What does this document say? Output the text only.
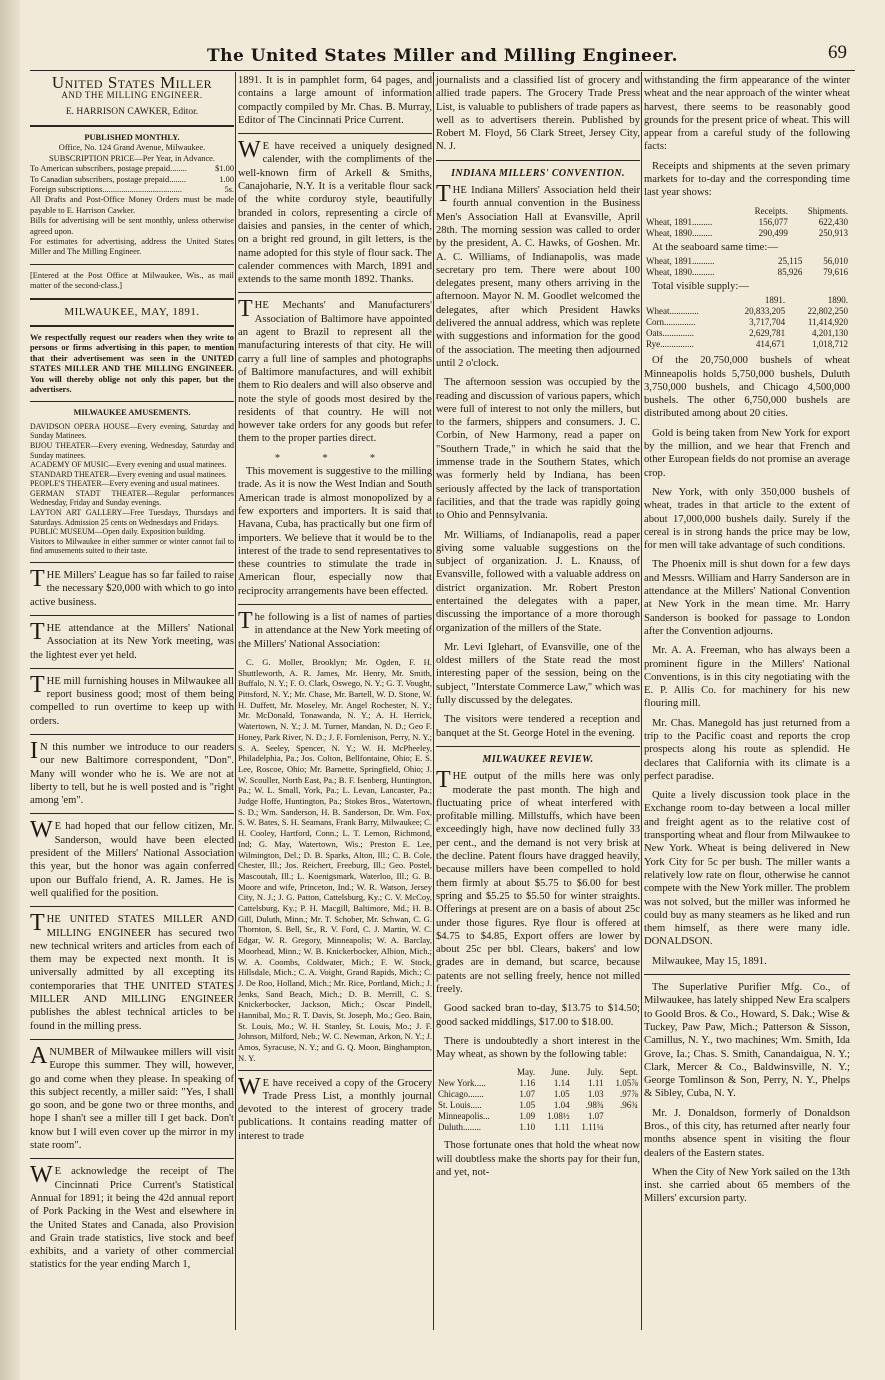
The United States Miller and Milling Engineer.	69
United States Miller
AND THE MILLING ENGINEER.
E. HARRISON CAWKER, Editor.
PUBLISHED MONTHLY.
Office, No. 124 Grand Avenue, Milwaukee.
SUBSCRIPTION PRICE—Per Year, in Advance.
To American subscribers, postage prepaid........	$1.00
To Canadian subscribers, postage prepaid........	1.00
Foreign subscriptions......................................	5s.
All Drafts and Post-Office Money Orders must be made payable to E. Harrison Cawker.
Bills for advertising will be sent monthly, unless otherwise agreed upon.
For estimates for advertising, address the United States Miller and The Milling Engineer.
[Entered at the Post Office at Milwaukee, Wis., as mail matter of the second-class.]
MILWAUKEE, MAY, 1891.
We respectfully request our readers when they write to persons or firms advertising in this paper, to mention that their advertisement was seen in the UNITED STATES MILLER AND THE MILLING ENGINEER. You will thereby oblige not only this paper, but the advertisers.
MILWAUKEE AMUSEMENTS.
DAVIDSON OPERA HOUSE—Every evening, Saturday and Sunday Matinees.
BIJOU THEATER—Every evening, Wednesday, Saturday and Sunday matinees.
ACADEMY OF MUSIC—Every evening and usual matinees.
STANDARD THEATER—Every evening and usual matinees.
PEOPLE'S THEATER—Every evening and usual matinees.
GERMAN STADT THEATER—Regular performances Wednesday, Friday and Sunday evenings.
LAYTON ART GALLERY—Free Tuesdays, Thursdays and Saturdays. Admission 25 cents on Wednesdays and Fridays.
PUBLIC MUSEUM—Open daily. Exposition building.
Visitors to Milwaukee in either summer or winter cannot fail to find amusements suited to their taste.

THE Millers' League has so far failed to raise the necessary $20,000 with which to go into active business.

THE attendance at the Millers' National Association at its New York meeting, was the lightest ever yet held.

THE mill furnishing houses in Milwaukee all report business good; most of them being compelled to run overtime to keep up with orders.

IN this number we introduce to our readers our new Baltimore correspondent, "Don". Many will wonder who he is. We are not at liberty to tell, but he is well posted and is "right among 'em".

WE had hoped that our fellow citizen, Mr. Sanderson, would have been elected president of the Millers' National Association this year, but the honor was again conferred upon our Buffalo friend, A. R. James. He is well qualified for the position.

THE UNITED STATES MILLER AND MILLING ENGINEER has secured two new technical writers and articles from each of them may be expected next month. It is universally admitted by all excepting its contemporaries that THE UNITED STATES MILLER AND MILLING ENGINEER publishes the ablest technical articles to be found in the milling press.

ANUMBER of Milwaukee millers will visit Europe this summer. They will, however, go and come when they please. In speaking of this subject recently, a miller said: "Yes, I shall go soon, and be gone two or three months, and hope I shan't see a miller till I get back. Don't know but I will even cover up the mirror in my state room".

WE acknowledge the receipt of The Cincinnati Price Current's Statistical Annual for 1891; it being the 42d annual report of Pork Packing in the West and elsewhere in the United States and Canada, also Provision and Grain trade statistics, live stock and beef exhibits, and a variety of other commercial statistics for the year ending March 1,

1891. It is in pamphlet form, 64 pages, and contains a large amount of information compactly compiled by Mr. Chas. B. Murray, Editor of The Cincinnati Price Current.

WE have received a uniquely designed calender, with the compliments of the well-known firm of Arkell & Smiths, Canajoharie, N.Y. It is a veritable flour sack of the white corduroy style, beautifully branded in colors, representing a circle of daisies and pansies, in the center of which, on a bright red ground, in gilt letters, is the name adopted for this style of flour sack. The calender commences with March, 1891 and extends to the same month 1892. Thanks.

THE Mechants' and Manufacturers' Association of Baltimore have appointed an agent to Brazil to represent all the manufacturing interests of that city. He will carry a full line of samples and photographs of Baltimore manufactures, and will exhibit them to Rio dealers and will also observe and note the style of goods most desired by the residents of that country. He will not however take orders for any goods but refer them to the proper parties direct.

* * *

This movement is suggestive to the milling trade. As it is now the West Indian and South American trade is almost monopolized by a few exporters and importers. It is said that Havana, Cuba, has practically but one firm of importers. We believe that it would be to the interest of the trade to send representatives to these countries to stimulate the trade in American flour, especially now that reciprocity arrangements have been effected.

The following is a list of names of parties in attendance at the New York meeting of the Millers' National Association:

C. G. Moller, Brooklyn; Mr. Ogden, F. H. Shuttleworth, A. R. James, Mr. Henry, Mr. Smith, Buffalo, N. Y.; F. O. Clark, Oswego, N. Y.; G. T. Vought, Pittsford, N. Y.; Mr. Chase, Mr. Bartell, W. D. Stone, W. H. Duffett, Mr. Moseley, Mr. Angel Rochester, N. Y.; Mr. McDonald, Tonawanda, N. Y.; A. H. Herrick, Watertown, N. Y.; J. M. Turner, Mandan, N. D.; Geo F. Honey, Park River, N. D.; J. F. Fornlenison, Perry, N. Y.; S. A. Seeley, Spencer, N. Y.; W. H. McPheeley, Philadelphia, Pa.; Jos. Colton, Bellfontaine, Ohio; E. S. Lee, Roscoe, Ohio; Mr. Barnette, Springfield, Ohio; J. W. Scouller, North East, Pa.; B. F. Isenberg, Huntington, Pa.; W. L. Small, York, Pa.; L. Levan, Lancaster, Pa.; Judge Hoffe, Huntington, Pa.; Stokes Bros., Watertown, S. D.; Wm. Sanderson, H. B. Sanderson, Dr. Wm. Fox, S. W. Bates, S. H. Seamans, Frank Barry, Milwaukee; C. H. Cooley, Hartford, Conn.; L. T. Lemon, Richmond, Ind; G. May, Watertown, Wis.; Preston E. Lee, Wilmington, Del.; D. B. Sparks, Alton, Ill.; C. B. Cole, Chester, Ill.; Jos. Reichert, Freeburg, Ill.; Geo. Postel, Mascoutah, Ill.; L. Koenigsmark, Waterloo, Ill.; G. B. Moore and wife, Princeton, Ind.; W. R. Watson, Jersey City, N. J.; J. G. Patton, Cattelsburg, Ky.; C. V. McCoy, Cattelsburg, Ky.; P. H. Macgill, Baltimore, Md.; H. B. Gill, Duluth, Minn.; Mr. T. Schober, Mr. Schwan, C. G. Thornton, S. Bell, Sr., R. V. Ford, C. J. Martin, W. C. Edgar, W. R. Gregory, Minneapolis; W. A. Barclay, Moorhead, Minn.; W. B. Knickerbocker, Albion, Mich.; W. A. Coombs, Coldwater, Mich.; F. W. Stock, Hillsdale, Mich.; C. A. Voight, Grand Rapids, Mich.; C. J. De Roo, Holland, Mich.; Mr. Rice, Portland, Mich.; J. Jenks, Sand Beach, Mich.; D. B. Merrill, C. S. Knickerbocker, Jackson, Mich.; Oscar Pindell, Hannibal, Mo.; R. T. Davis, St. Joseph, Mo.; Geo. Bain, St. Louis, Mo.; W. H. Stanley, St. Louis, Mo.; J. F. Johnson, Milford, Neb.; W. C. Newman, Arkon, N. Y.; J. Amos, Syracuse, N. Y.; and G. Q. Moon, Binghampton, N. Y.

WE have received a copy of the Grocery Trade Press List, a monthly journal devoted to the interest of grocery trade publications. It contains reading matter of interest to trade

journalists and a classified list of grocery and allied trade papers. The Grocery Trade Press List, is valuable to publishers of trade papers as well as to advertisers therein. Published by Robert M. Floyd, 56 Clark Street, Jersey City, N. J.

INDIANA MILLERS' CONVENTION.

THE Indiana Millers' Association held their fourth annual convention in the Business Men's Association Hall at Evansville, April 28th. The morning session was called to order by the president, A. C. Hawks, of Goshen. Mr. A. C. Williams, of Indianapolis, was made secretary pro tem. There were about 100 delegates present, many others arriving in the afternoon. Mayor N. M. Goodlet welcomed the delegates, after which President Hawks delivered the annual address, which was replete with suggestions and information for the good of the association. The meeting then adjourned until 2 o'clock.

The afternoon session was occupied by the reading and discussion of various papers, which were full of interest to not only the millers, but to the farmers, shippers and consumers. J. C. Corbin, of New Harmony, read a paper on "Southern Trade," in which he said that the immense trade in the Southern States, which was formerly held by Indiana, has been seriously affected by the lack of transportation facilities, and that the trade was rapidly going to Ohio and Pennsylvania.

Mr. Williams, of Indianapolis, read a paper giving some valuable suggestions on the subject of organization. J. L. Knauss, of Evansville, followed with a valuable address on district organization. Mr. Robert Preston entertained the delegates with a paper, discussing the importance of a more thorough organization of the millers of the State.

Mr. Levi Iglehart, of Evansville, one of the oldest millers of the State read the most interesting paper of the session, being on the subject, "Interstate Commerce Law," which was fully discussed by the delegates.

The visitors were tendered a reception and banquet at the St. George Hotel in the evening.

MILWAUKEE REVIEW.

THE output of the mills here was only moderate the past month. The high and fluctuating price of wheat interfered with profitable milling. Millstuffs, which have been exceedingly high, have now declined fully 33 per cent., and the demand is not very brisk at the decline. Patent flours have dragged heavily, because millers have been compelled to hold them firmly at about $5.75 to $6.00 for best spring and $5.25 to $5.50 for winter straights. Offerings at present are on a basis of about 25c under those figures. Rye flour is offered at $4.75 to $4.85, Export offers are lower by about 25c per bbl. Clears, bakers' and low grades are in demand, but scarce, because patents are not selling freely, hence not milled freely.

Good sacked bran to-day, $13.75 to $14.50; good sacked middlings, $17.00 to $18.00.

There is undoubtedly a short interest in the May wheat, as shown by the following table:

	May.	June.	July.	Sept.
New York.....	1.16	1.14	1.11	1.05⅞
Chicago.......	1.07	1.05	1.03	.97⅞
St. Louis.....	1.05	1.04	.98¾	.96¾
Minneapolis...	1.09	1.08½	1.07	
Duluth........	1.10	1.11	1.11¼	

Those fortunate ones that hold the wheat now will doubtless make the shorts pay for their fun, and yet, not-

withstanding the firm appearance of the winter wheat and the near approach of the winter wheat harvest, there seems to be reasonably good grounds for the present price of wheat. This will appear from a careful study of the following facts:

Receipts and shipments at the seven primary markets for to-day and the corresponding time last year shows:

	Receipts.	Shipments.
Wheat, 1891.........	156,077	622,430
Wheat, 1890.........	290,499	250,913

At the seaboard same time:—

Wheat, 1891..........	25,115	56,010
Wheat, 1890..........	85,926	79,616

Total visible supply:—

	1891.	1890.
Wheat.............	20,833,205	22,802,250
Corn..............	3,717,704	11,414,920
Oats..............	2,629,781	4,201,130
Rye...............	414,671	1,018,712

Of the 20,750,000 bushels of wheat Minneapolis holds 5,750,000 bushels, Duluth 3,750,000 bushels, and Chicago 4,500,000 bushels. The other 6,750,000 bushels are distributed among about 20 cities.

Gold is being taken from New York for export by the million, and we hear that French and other European fields do not promise an average crop.

New York, with only 350,000 bushels of wheat, trades in that article to the extent of about 17,000,000 bushels daily. Surely if the cereal is in strong hands the price may be low, for men will take advantage of such conditions.

The Phoenix mill is shut down for a few days and Messrs. William and Harry Sanderson are in attendance at the Millers' National Convention at New York in the mean time. Mr. Harry Sanderson is booked for passage to London after the Convention adjourns.

Mr. A. A. Freeman, who has always been a prominent figure in the Millers' National Conventions, is in this city negotiating with the E. P. Allis Co. for machinery for his new flouring mill.

Mr. Chas. Manegold has just returned from a trip to the Pacific coast and reports the crop prospects along his route as splendid. He declares that California with its climate is a perfect paradise.

Quite a lively discussion took place in the Exchange room to-day between a local miller and freight agent as to the relative cost of transporting wheat and flour from Milwaukee to New York. Wheat is being delivered in New York City for 5c per bush. The miller wants a relatively low rate on flour, otherwise he cannot compete with the New York miller. The problem was not solved, but the miller was informed he could buy as many steamers as he liked and run them himself, as there were many idle. DONALDSON.

Milwaukee, May 15, 1891.

The Superlative Purifier Mfg. Co., of Milwaukee, has lately shipped New Era scalpers to Goold Bros. & Co., Howard, S. Dak.; Wise & Tuckey, Paw Paw, Mich.; Patterson & Sisson, Camillus, N. Y., two machines; Wm. Smith, Ida Grove, Ia.; Chas. S. Smith, Canandaigua, N. Y.; Clark, Mercer & Co., Baldwinsville, N. Y.; George Tomlinson & Son, Perry, N. Y., Phelps & Sibley, Cuba, N. Y.

Mr. J. Donaldson, formerly of Donaldson Bros., of this city, has returned after nearly four months absence spent in visiting the flour dealers of the Eastern states.

When the City of New York sailed on the 13th inst. she carried about 65 members of the Millers' excursion party.
